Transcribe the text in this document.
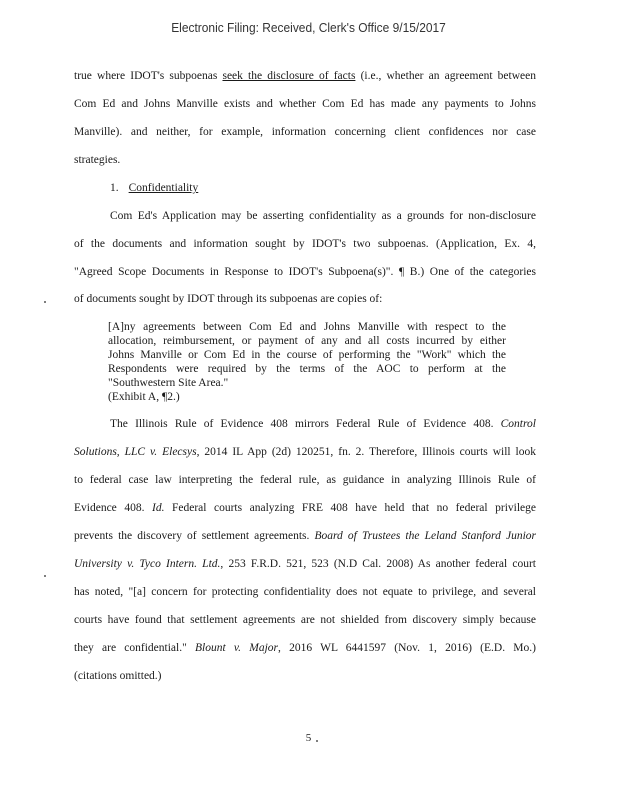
Electronic Filing: Received, Clerk's Office 9/15/2017
true where IDOT's subpoenas seek the disclosure of facts (i.e., whether an agreement between
Com Ed and Johns Manville exists and whether Com Ed has made any payments to Johns
Manville). and neither, for example, information concerning client confidences nor case
strategies.
1. Confidentiality
Com Ed's Application may be asserting confidentiality as a grounds for non-disclosure
of the documents and information sought by IDOT's two subpoenas. (Application, Ex. 4,
"Agreed Scope Documents in Response to IDOT's Subpoena(s)". ¶ B.) One of the categories
of documents sought by IDOT through its subpoenas are copies of:
[A]ny agreements between Com Ed and Johns Manville with respect to the
allocation, reimbursement, or payment of any and all costs incurred by either
Johns Manville or Com Ed in the course of performing the "Work" which the
Respondents were required by the terms of the AOC to perform at the
"Southwestern Site Area."
(Exhibit A, ¶2.)
The Illinois Rule of Evidence 408 mirrors Federal Rule of Evidence 408. Control
Solutions, LLC v. Elecsys, 2014 IL App (2d) 120251, fn. 2. Therefore, Illinois courts will look
to federal case law interpreting the federal rule, as guidance in analyzing Illinois Rule of
Evidence 408. Id. Federal courts analyzing FRE 408 have held that no federal privilege
prevents the discovery of settlement agreements. Board of Trustees the Leland Stanford Junior
University v. Tyco Intern. Ltd., 253 F.R.D. 521, 523 (N.D Cal. 2008) As another federal court
has noted, "[a] concern for protecting confidentiality does not equate to privilege, and several
courts have found that settlement agreements are not shielded from discovery simply because
they are confidential." Blount v. Major, 2016 WL 6441597 (Nov. 1, 2016) (E.D. Mo.)
(citations omitted.)
5
